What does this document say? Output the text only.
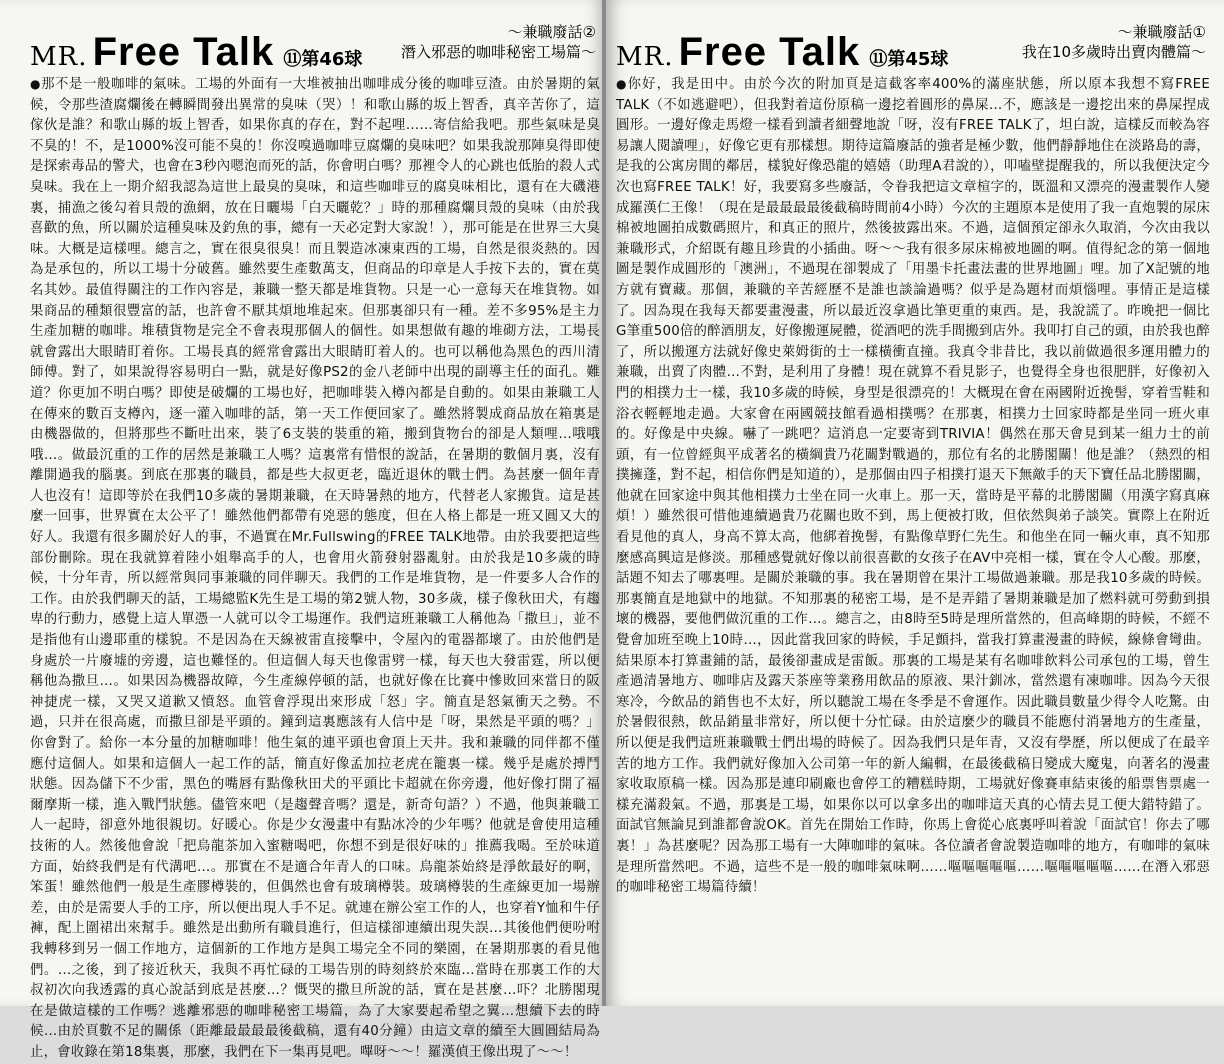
MR. Free Talk ⑪第46球
～兼職廢話②
潛入邪惡的咖啡秘密工場篇～
●那不是一般咖啡的氣味。工場的外面有一大堆被抽出咖啡成分後的咖啡豆渣。由於暑期的氣候，令那些渣腐爛後在轉瞬間發出異常的臭味（哭）！和歌山縣的坂上智香，真辛苦你了，這傢伙是誰？和歌山縣的坂上智香，如果你真的存在，對不起哩……寄信給我吧。那些氣味是臭不臭的！不，是1000%沒可能不臭的！你沒嗅過咖啡豆腐爛的臭味吧？如果我說那陣臭得即使是探索毒品的警犬，也會在3秒內嗯泡而死的話，你會明白嗎？那裡令人的心跳也低胎的殺人式臭味。我在上一期介紹我認為這世上最臭的臭味，和這些咖啡豆的腐臭味相比，還有在大磯港裏，捕漁之後勾着貝殼的漁網，放在日曬場「白天曬乾？」時的那種腐爛貝殼的臭味（由於我喜歡的魚，所以關於這種臭味及釣魚的事，總有一天必定對大家說！），那可能是在世界三大臭味。大概是這樣哩。總言之，實在很臭很臭！而且製造冰凍東西的工場，自然是很炎熱的。因為是承包的，所以工場十分破舊。雖然要生產數萬支，但商品的印章是人手按下去的，實在莫名其妙。最值得關注的工作內容是，兼職一整天都是堆貨物。只是一心一意每天在堆貨物。如果商品的種類很豐富的話，也許會不厭其煩地堆起來。但那裏卻只有一種。差不多95%是主力生產加糖的咖啡。堆積貨物是完全不會表現那個人的個性。如果想做有趣的堆砌方法，工場長就會露出大眼睛盯着你。工場長真的經常會露出大眼睛盯着人的。也可以稱他為黑色的西川清師傅。對了，如果說得容易明白一點，就是好像PS2的金八老師中出現的副導主任的面孔。難道？你更加不明白嗎？即使是破爛的工場也好，把咖啡裝入樽內都是自動的。如果由兼職工人在傳來的數百支樽內，逐一灌入咖啡的話，第一天工作便回家了。雖然將製成商品放在箱裏是由機器做的，但將那些不斷吐出來，裝了6支裝的裝重的箱，搬到貨物台的卻是人類哩…哦哦哦…。做最沉重的工作的居然是兼職工人嗎？這裏常有惜恨的說話，在暑期的數個月裏，沒有離開過我的腦裏。到底在那裏的職員，都是些大叔更老，臨近退休的戰士們。為甚麼一個年青人也沒有！這即等於在我們10多歲的暑期兼職，在天時暑熱的地方，代替老人家搬貨。這是甚麼一回事，世界實在太公平了！雖然他們都帶有兇惡的態度，但在人格上都是一班又圓又大的好人。我還有很多關於好人的事，不過實在Mr.Fullswing的FREE TALK地帶。由於我要把這些部份刪除。現在我就算着陸小姐舉高手的人，也會用火箭發射器亂射。由於我是10多歲的時候，十分年青，所以經常與同事兼職的同伴聊天。我們的工作是堆貨物，是一件要多人合作的工作。由於我們聊天的話，工場總監K先生是工場的第2號人物，30多歲，樣子像秋田犬，有趨卑的行動力，感覺上這人單憑一人就可以令工場運作。我們這班兼職工人稱他為「撒旦」，並不是指他有山邊耶重的樣貌。不是因為在天線被雷直接擊中，令屋內的電器都壞了。由於他們是身處於一片廢墟的旁邊，這也難怪的。但這個人每天也像雷劈一樣，每天也大發雷霆，所以便稱他為撒旦…。如果因為機器故障，今生產線停頓的話，也就好像在比賽中慘敗回來當日的阪神捷虎一樣，又哭又道歉又憤怒。血管會浮現出來形成「怒」字。簡直是怒氣衝天之勢。不過，只并在很高處，而撒旦卻是平頭的。鐘到這裏應該有人信中是「呀，果然是平頭的嗎？」你會對了。給你一本分量的加糖咖啡！他生氣的連平頭也會頂上天井。我和兼職的同伴都不僅應付這個人。如果和這個人一起工作的話，簡直好像孟加拉老虎在籠裏一樣。幾乎是處於搏鬥狀態。因為儲下不少雷，黑色的嘴唇有點像秋田犬的平頭比卡超就在你旁邊，他好像打開了福爾摩斯一樣，進入戰鬥狀態。儘管來吧（是趨聲音嗎？還是，新奇句語？）不過，他與兼職工人一起時，卻意外地很親切。好暖心。你是少女漫畫中有點冰冷的少年嗎？他就是會使用這種技術的人。然後他會說「把烏龍茶加入蜜糖喝吧，你想不到是很好味的」推薦我喝。至於味道方面，始終我們是有代溝吧…。那實在不是適合年青人的口味。烏龍茶始終是淨飲最好的啊，笨蛋！雖然他們一般是生產膠樽裝的，但偶然也會有玻璃樽裝。玻璃樽裝的生產線更加一場辦差，由於是需要人手的工序，所以便出現人手不足。就連在辦公室工作的人，也穿着Y恤和牛仔褲，配上圍裙出來幫手。雖然是出動所有職員進行，但這樣卻連續出現失誤…其後他們便吩咐我轉移到另一個工作地方，這個新的工作地方是與工場完全不同的樂園，在暑期那裏的看見他們。…之後，到了接近秋天，我與不再忙碌的工場告別的時刻終於來臨…當時在那裏工作的大叔初次向我透露的真心說話到底是甚麼…？慨哭的撒旦所說的話，實在是甚麼…吓？北勝閣現在是做這樣的工作嗎？逃離邪惡的咖啡秘密工場篇，為了大家要起希望之翼…想續下去的時候…由於頁數不足的關係（距離最最最最後截稿，還有40分鐘）由這文章的續至大圓圓結局為止，會收錄在第18集裏，那麼，我們在下一集再見吧。嗶呀～～！羅漢偵王像出現了～～！
MR. Free Talk ⑪第45球
～兼職廢話①
我在10多歲時出賣肉體篇～
●你好，我是田中。由於今次的附加頁是這截客率400%的滿座狀態，所以原本我想不寫FREE TALK（不如逃避吧），但我對着這份原稿一邊挖着圓形的鼻屎…不，應該是一邊挖出來的鼻屎捏成圓形。一邊好像走馬燈一樣看到讀者細聲地說「呀，沒有FREE TALK了，坦白說，這樣反而較為容易讓人閱讀哩」，好像它更有那樣想。期待這篇廢話的強者是極少數，他們靜靜地住在淡路島的壽，是我的公寓房間的鄰居，樣貌好像恐龍的嬉嬉（助理A君說的），叩嗑壁提醒我的，所以我便決定今次也寫FREE TALK！好，我要寫多些廢話，令眷我把這文章楦字的，既溫和又漂亮的漫畫製作人變成羅漢仁王像！（現在是最最最最後截稿時間前4小時）今次的主題原本是使用了我一直炮製的尿床棉被地圖拍成數碼照片，和真正的照片，然後披露出來。不過，這個預定卻永久取消，今次由我以兼職形式，介紹既有趣且珍貴的小插曲。呀～～我有很多尿床棉被地圖的啊。值得紀念的第一個地圖是製作成圓形的「澳洲」，不過現在卻製成了「用墨卡托畫法畫的世界地圖」哩。加了X記號的地方就有寶藏。那個，兼職的辛苦經歷不是誰也談論過嗎？似乎是為題材而煩惱哩。事情正是這樣了。因為現在我每天都要畫漫畫，所以最近沒拿過比筆更重的東西。是，我說謊了。昨晚把一個比G筆重500倍的醉酒朋友，好像搬運屍體，從酒吧的洗手間搬到店外。我叩打自己的頭，由於我也醉了，所以搬運方法就好像史萊姆街的士一樣橫衝直撞。我真令非昔比，我以前做過很多運用體力的兼職，出賣了肉體…不對，是利用了身體！現在就算不看見影子，也覺得全身也很肥胖，好像初入門的相撲力士一樣，我10多歲的時候，身型是很漂亮的！大概現在會在兩國附近挽髻，穿着雪鞋和浴衣輕輕地走過。大家會在兩國競技館看過相撲嗎？在那裏，相撲力士回家時都是坐同一班火車的。好像是中央線。嚇了一跳吧？這消息一定要寄到TRIVIA！偶然在那天會見到某一組力士的前頭，有一位曾經與平成著名的橫綱貴乃花關對戰過的，那位有名的北勝閣關！他是誰？（熱烈的相撲擁蓬，對不起，相信你們是知道的），是那個由四子相撲打退天下無敵手的天下寶任品北勝閣關，他就在回家途中與其他相撲力士坐在同一火車上。那一天，當時是平幕的北勝閣關（用漢字寫真麻煩！）雖然很可惜他連續過貴乃花關也敗不到，馬上便被打敗，但依然與弟子談笑。實際上在附近看見他的真人，身高不算太高，他綁着挽髻，有點像草野仁先生。和他坐在同一輛火車，真不知那麼感高興這是修淡。那種感覺就好像以前很喜歡的女孩子在AV中亮相一樣，實在令人心酸。那麼，話題不知去了哪裏哩。是關於兼職的事。我在暑期曾在果汁工場做過兼職。那是我10多歲的時候。那裏簡直是地獄中的地獄。不知那裏的秘密工場，是不是弄錯了暑期兼職是加了燃料就可勞動到損壞的機器，要他們做沉重的工作…。總言之，由8時至5時是理所當然的，但高峰期的時候，不經不覺會加班至晚上10時…，因此當我回家的時候，手足顫抖，當我打算畫漫畫的時候，線條會彎曲。結果原本打算畫鋪的話，最後卻畫成是雷飯。那裏的工場是某有名咖啡飲料公司承包的工場，曾生產過清暑地方、咖啡店及露天茶座等業務用飲品的原液、果汁釧冰，當然還有凍咖啡。因為今天很寒冷，今飲品的銷售也不太好，所以聽說工場在冬季是不會運作。因此職員數量少得令人吃驚。由於暑假很熱，飲品銷量非常好，所以便十分忙碌。由於這麼少的職員不能應付消暑地方的生產量，所以便是我們這班兼職戰士們出場的時候了。因為我們只是年青，又沒有學歷，所以便成了在最辛苦的地方工作。我們就好像加入公司第一年的新人編輯，在最後截稿日變成大魔鬼，向著名的漫畫家收取原稿一樣。因為那是連印刷廠也會停工的糟糕時期，工場就好像賽車結束後的船票售票處一樣充滿殺氣。不過，那裏是工場，如果你以可以拿多出的咖啡這天真的心情去見工便大錯特錯了。面試官無論見到誰都會說OK。首先在開始工作時，你馬上會從心底裏呼叫着說「面試官！你去了哪裏！」為甚麼呢？因為那工場有一大陣咖啡的氣味。各位讀者會說製造咖啡的地方，有咖啡的氣味是理所當然吧。不過，這些不是一般的咖啡氣味啊……嘔嘔嘔嘔嘔……嘔嘔嘔嘔嘔……在潛入邪惡的咖啡秘密工場篇待續！
